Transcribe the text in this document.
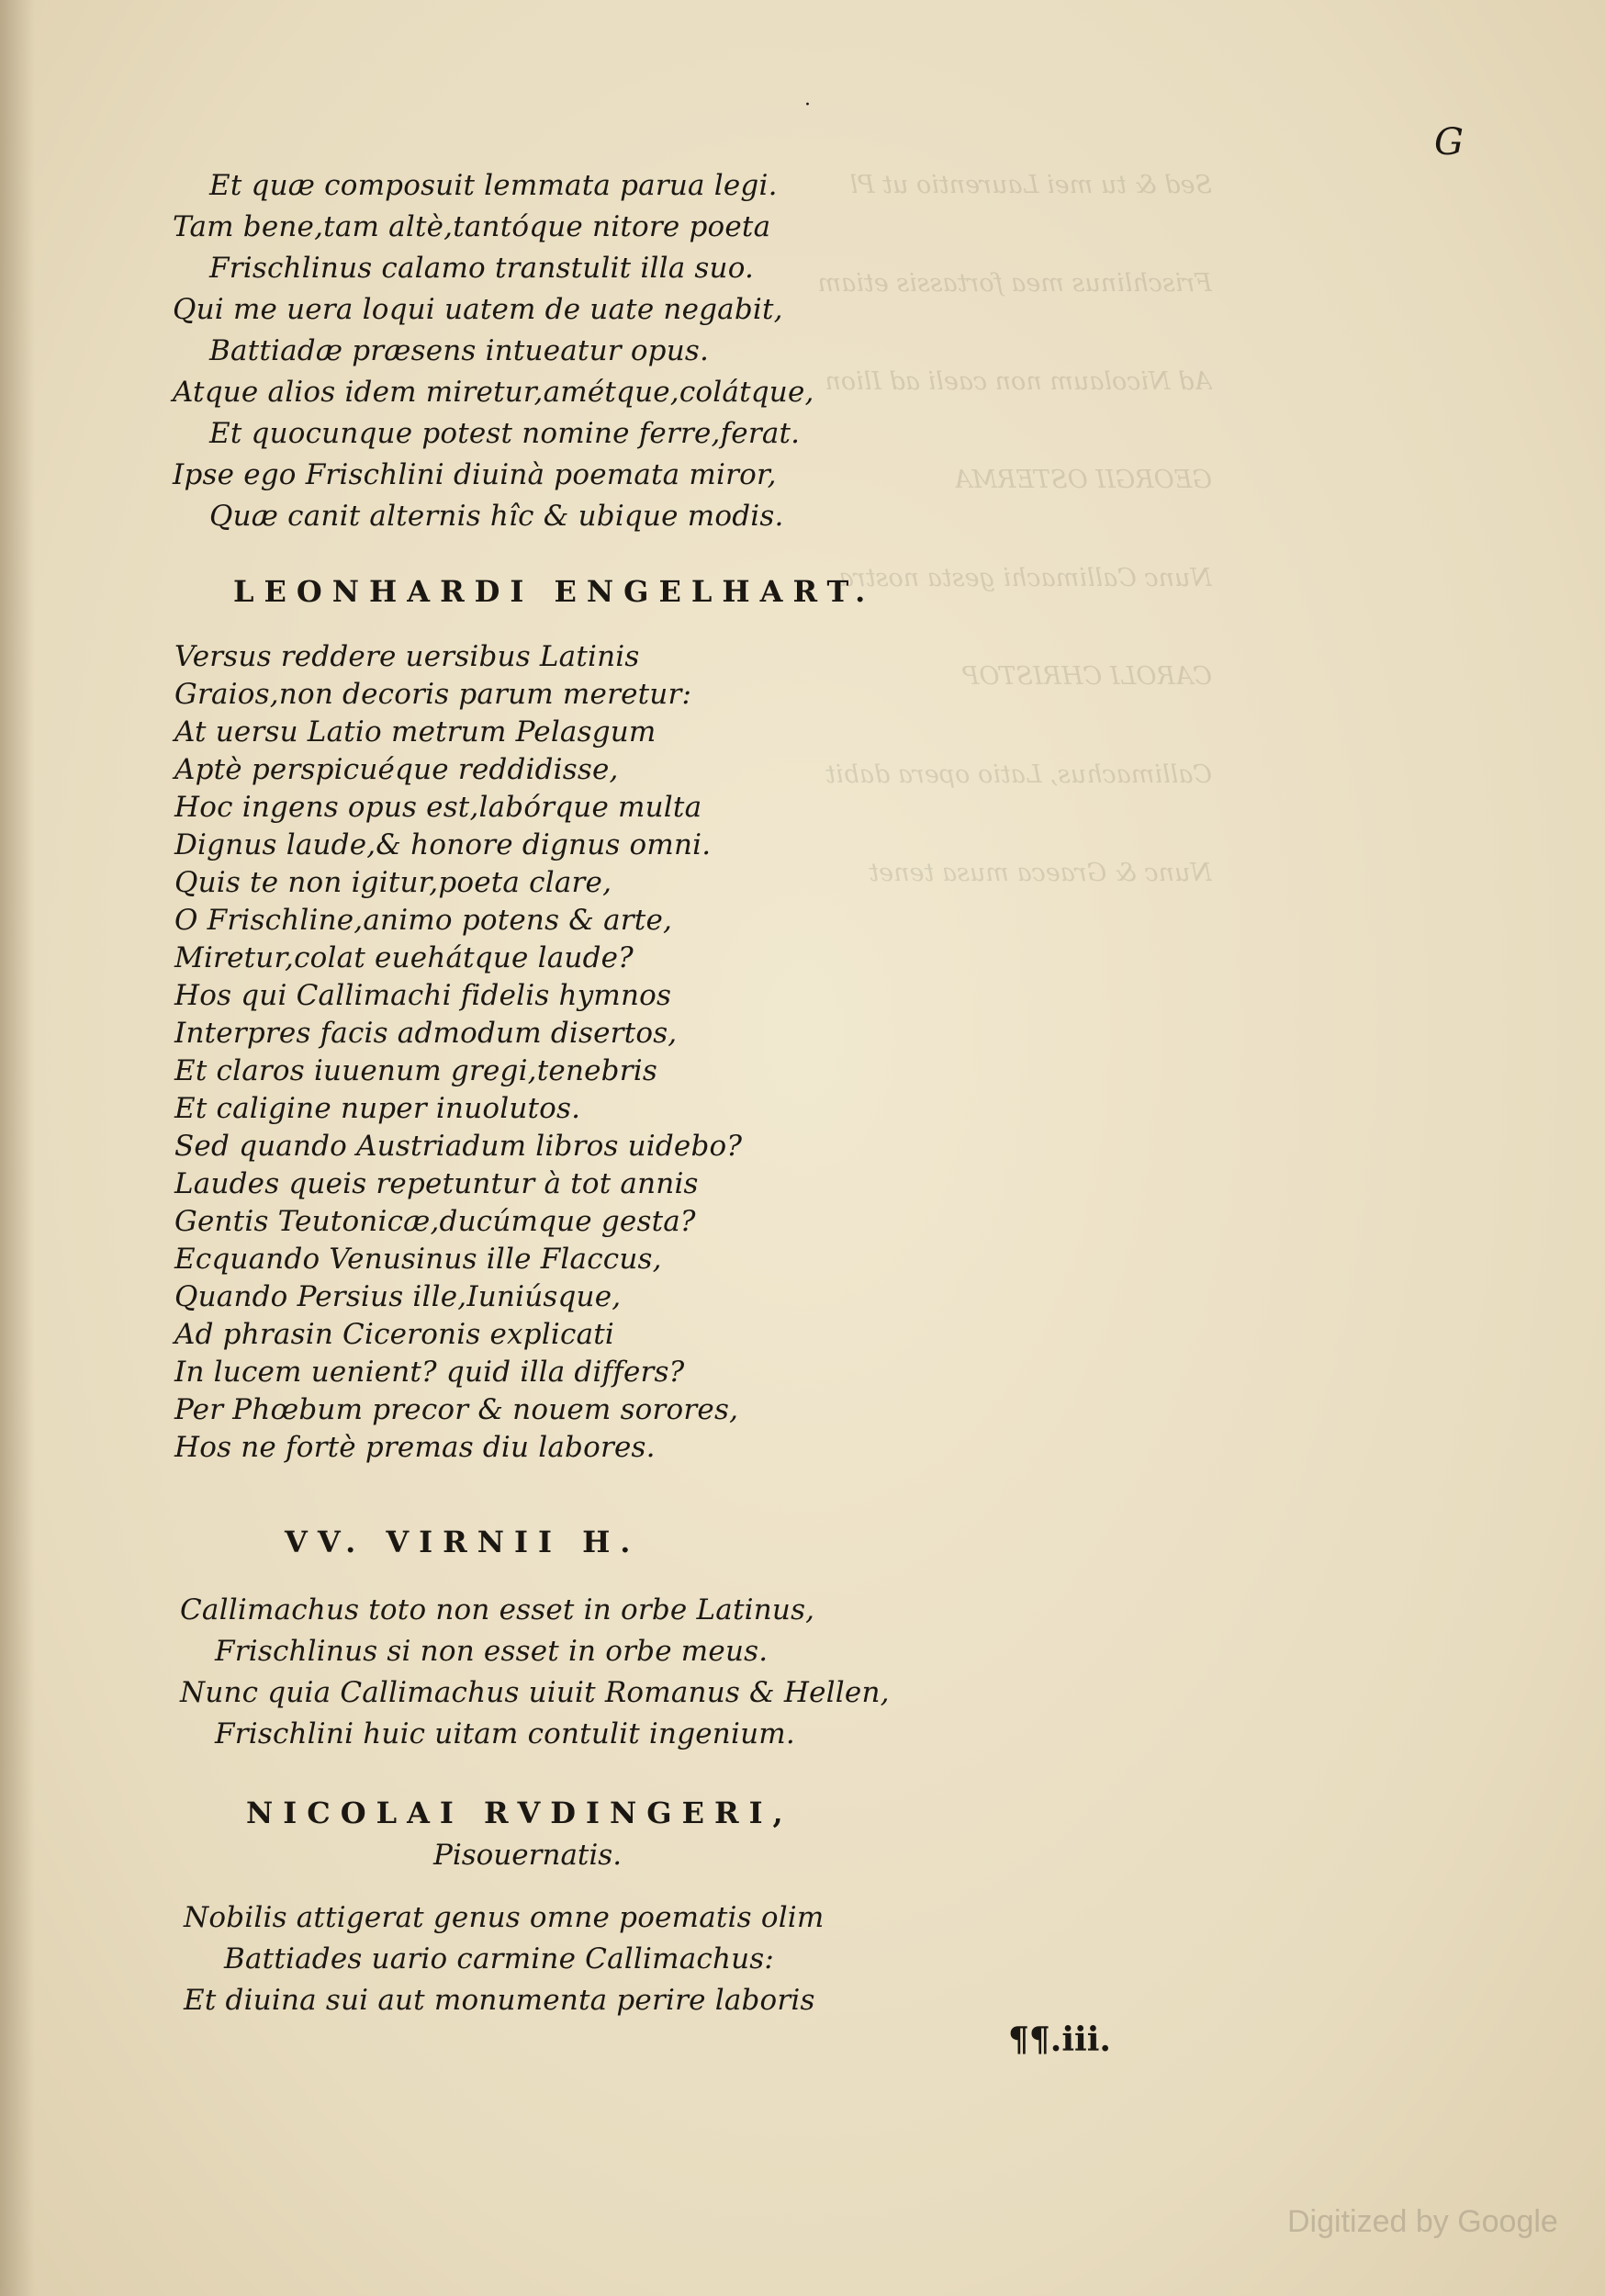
Sed & tu mei Laurentio ut Pl
Frischlinus mea fortassis etiam
Ad Nicolaum non caeli ad Ilion
GEORGII OSTERMA
Nunc Callimachi gesta nostra
CAROLI CHRISTOP
Callimachus, Latio opera dabit
Nunc & Graeca musa tenet
·
G
Et quæ composuit lemmata parua legi.
Tam bene,tam altè,tantóque nitore poeta
Frischlinus calamo transtulit illa suo.
Qui me uera loqui uatem de uate negabit,
Battiadæ præsens intueatur opus.
Atque alios idem miretur,amétque,colátque,
Et quocunque potest nomine ferre,ferat.
Ipse ego Frischlini diuinà poemata miror,
Quæ canit alternis hîc & ubique modis.
LEONHARDI ENGELHART.
Versus reddere uersibus Latinis
Graios,non decoris parum meretur:
At uersu Latio metrum Pelasgum
Aptè perspicuéque reddidisse,
Hoc ingens opus est,labórque multa
Dignus laude,& honore dignus omni.
Quis te non igitur,poeta clare,
O Frischline,animo potens & arte,
Miretur,colat euehátque laude?
Hos qui Callimachi fidelis hymnos
Interpres facis admodum disertos,
Et claros iuuenum gregi,tenebris
Et caligine nuper inuolutos.
Sed quando Austriadum libros uidebo?
Laudes queis repetuntur à tot annis
Gentis Teutonicæ,ducúmque gesta?
Ecquando Venusinus ille Flaccus,
Quando Persius ille,Iuniúsque,
Ad phrasin Ciceronis explicati
In lucem uenient? quid illa differs?
Per Phœbum precor & nouem sorores,
Hos ne fortè premas diu labores.
VV. VIRNII H.
Callimachus toto non esset in orbe Latinus,
Frischlinus si non esset in orbe meus.
Nunc quia Callimachus uiuit Romanus & Hellen,
Frischlini huic uitam contulit ingenium.
NICOLAI RVDINGERI,
Pisouernatis.
Nobilis attigerat genus omne poematis olim
Battiades uario carmine Callimachus:
Et diuina sui aut monumenta perire laboris
¶¶.iii.
Digitized by Google
